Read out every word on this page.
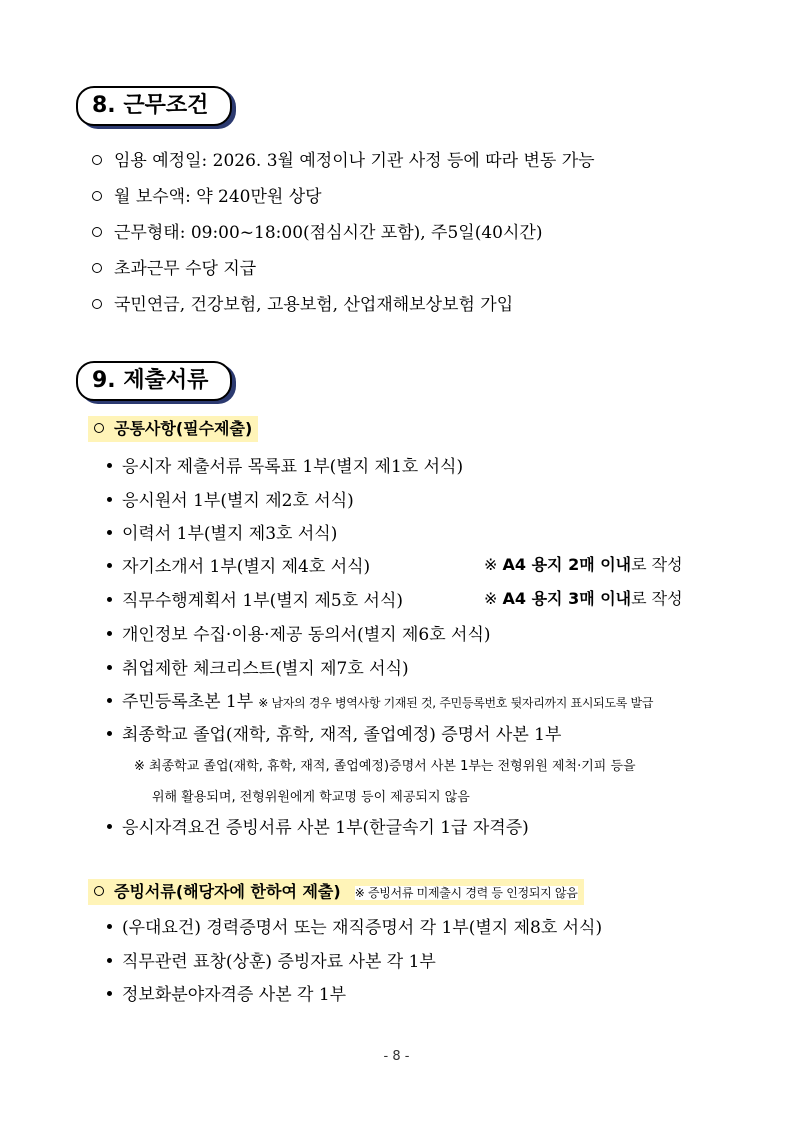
8. 근무조건
임용 예정일: 2026. 3월 예정이나 기관 사정 등에 따라 변동 가능
월 보수액: 약 240만원 상당
근무형태: 09:00~18:00(점심시간 포함), 주5일(40시간)
초과근무 수당 지급
국민연금, 건강보험, 고용보험, 산업재해보상보험 가입
9. 제출서류
공통사항(필수제출)
응시자 제출서류 목록표 1부(별지 제1호 서식)
응시원서 1부(별지 제2호 서식)
이력서 1부(별지 제3호 서식)
자기소개서 1부(별지 제4호 서식)	※ A4 용지 2매 이내로 작성
직무수행계획서 1부(별지 제5호 서식)	※ A4 용지 3매 이내로 작성
개인정보 수집·이용·제공 동의서(별지 제6호 서식)
취업제한 체크리스트(별지 제7호 서식)
주민등록초본 1부 ※ 남자의 경우 병역사항 기재된 것, 주민등록번호 뒷자리까지 표시되도록 발급
최종학교 졸업(재학, 휴학, 재적, 졸업예정) 증명서 사본 1부
※ 최종학교 졸업(재학, 휴학, 재적, 졸업예정)증명서 사본 1부는 전형위원 제척·기피 등을
위해 활용되며, 전형위원에게 학교명 등이 제공되지 않음
응시자격요건 증빙서류 사본 1부(한글속기 1급 자격증)
증빙서류(해당자에 한하여 제출) ※ 증빙서류 미제출시 경력 등 인정되지 않음
(우대요건) 경력증명서 또는 재직증명서 각 1부(별지 제8호 서식)
직무관련 표창(상훈) 증빙자료 사본 각 1부
정보화분야자격증 사본 각 1부
- 8 -
